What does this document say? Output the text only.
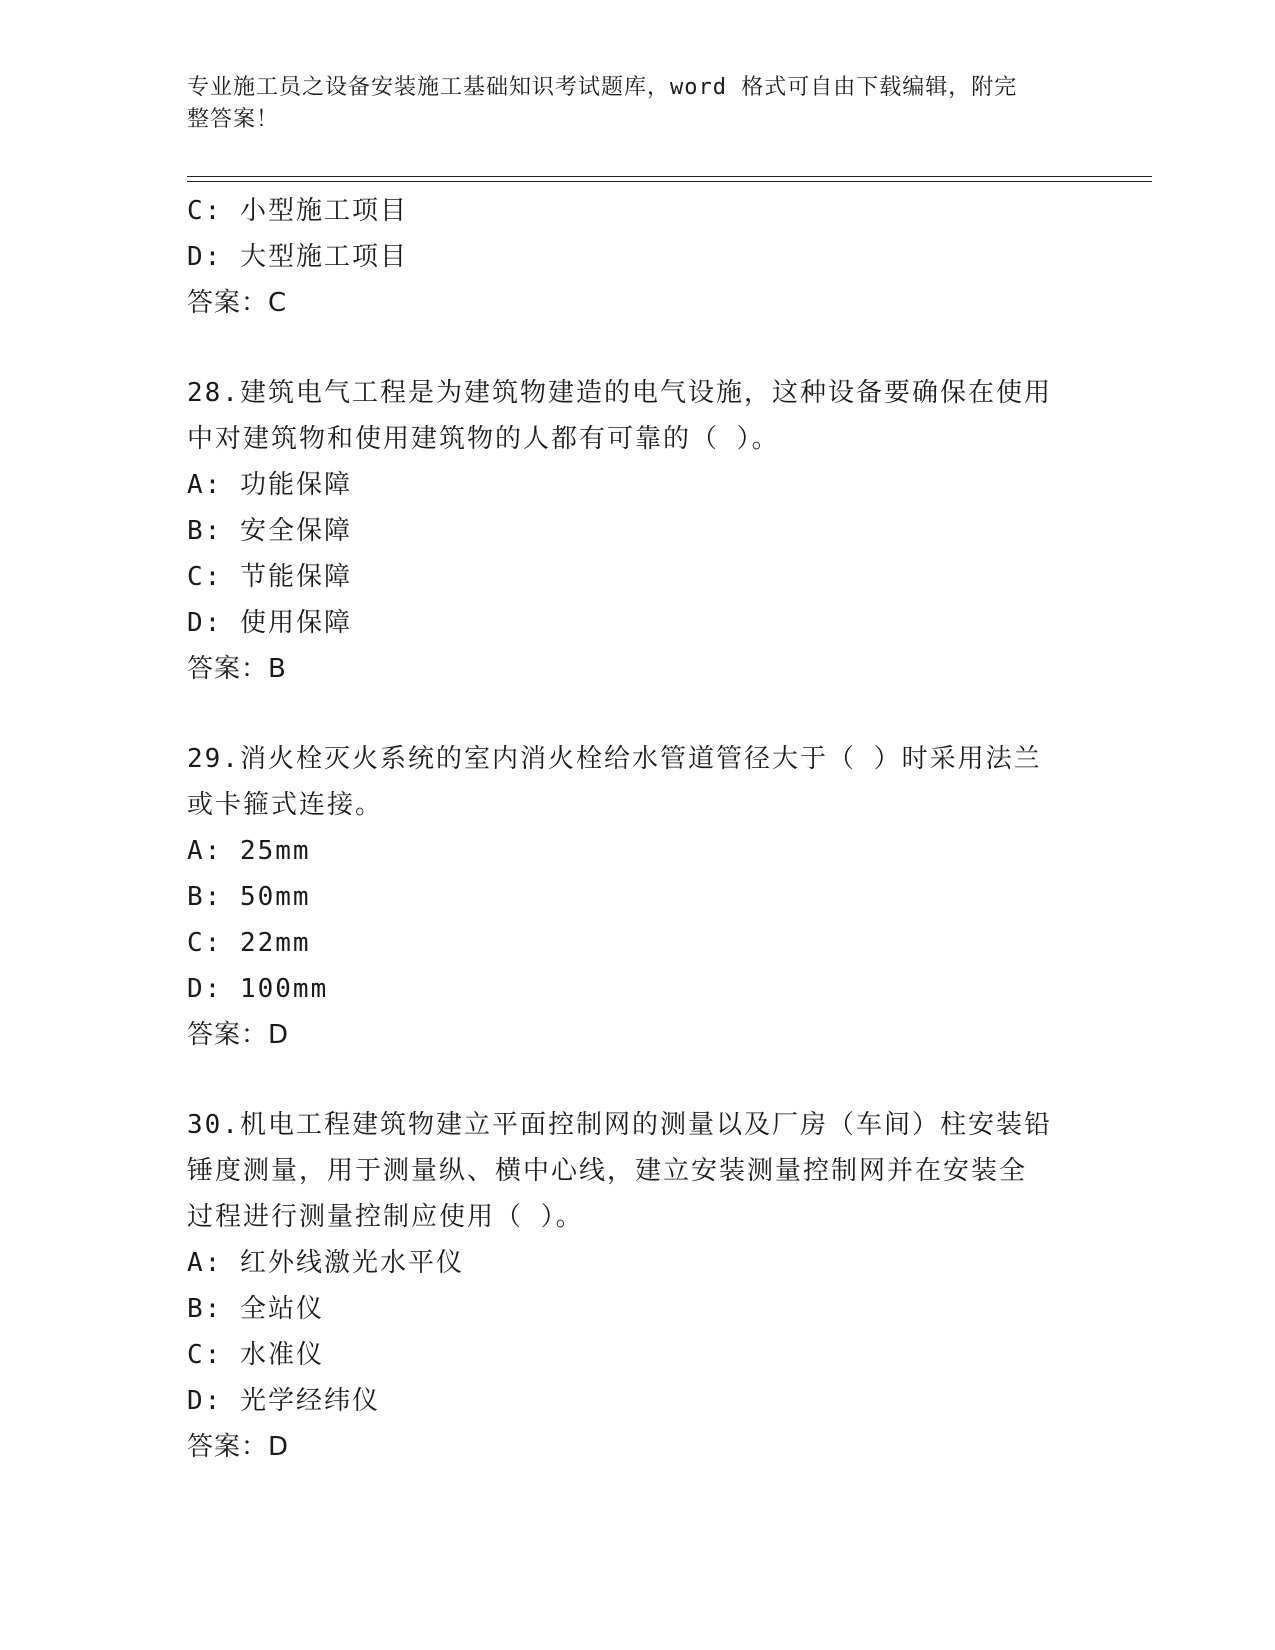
专业施工员之设备安装施工基础知识考试题库，word 格式可自由下载编辑，附完
整答案！
C: 小型施工项目
D: 大型施工项目
答案：C
28.建筑电气工程是为建筑物建造的电气设施，这种设备要确保在使用
中对建筑物和使用建筑物的人都有可靠的（ ）。
A: 功能保障
B: 安全保障
C: 节能保障
D: 使用保障
答案：B
29.消火栓灭火系统的室内消火栓给水管道管径大于（ ）时采用法兰
或卡箍式连接。
A: 25mm
B: 50mm
C: 22mm
D: 100mm
答案：D
30.机电工程建筑物建立平面控制网的测量以及厂房（车间）柱安装铅
锤度测量，用于测量纵、横中心线，建立安装测量控制网并在安装全
过程进行测量控制应使用（ ）。
A: 红外线激光水平仪
B: 全站仪
C: 水准仪
D: 光学经纬仪
答案：D
